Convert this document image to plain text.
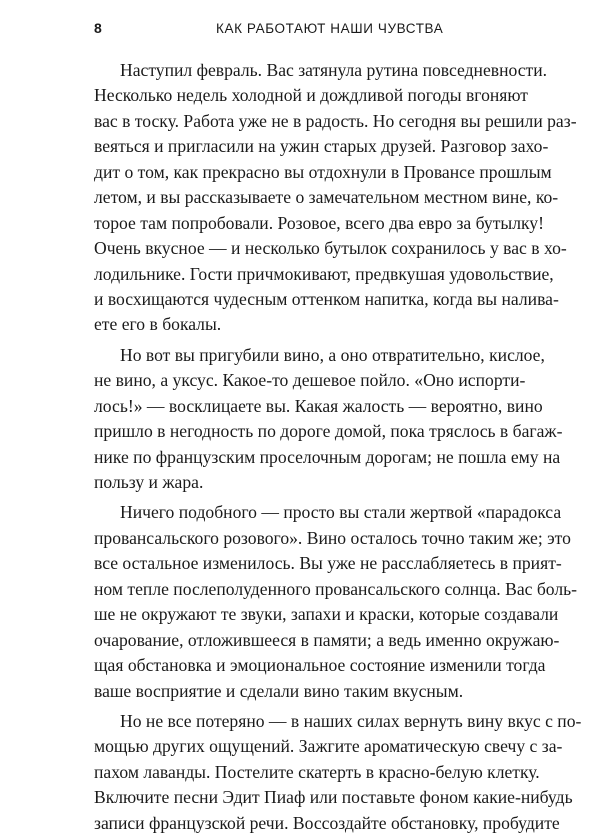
8	КАК РАБОТАЮТ НАШИ ЧУВСТВА
Наступил февраль. Вас затянула рутина повседневности.
Несколько недель холодной и дождливой погоды вгоняют
вас в тоску. Работа уже не в радость. Но сегодня вы решили раз-
веяться и пригласили на ужин старых друзей. Разговор захо-
дит о том, как прекрасно вы отдохнули в Провансе прошлым
летом, и вы рассказываете о замечательном местном вине, ко-
торое там попробовали. Розовое, всего два евро за бутылку!
Очень вкусное — и несколько бутылок сохранилось у вас в хо-
лодильнике. Гости причмокивают, предвкушая удовольствие,
и восхищаются чудесным оттенком напитка, когда вы налива-
ете его в бокалы.
Но вот вы пригубили вино, а оно отвратительно, кислое,
не вино, а уксус. Какое-то дешевое пойло. «Оно испорти-
лось!» — восклицаете вы. Какая жалость — вероятно, вино
пришло в негодность по дороге домой, пока тряслось в багаж-
нике по французским проселочным дорогам; не пошла ему на
пользу и жара.
Ничего подобного — просто вы стали жертвой «парадокса
провансальского розового». Вино осталось точно таким же; это
все остальное изменилось. Вы уже не расслабляетесь в прият-
ном тепле послеполуденного провансальского солнца. Вас боль-
ше не окружают те звуки, запахи и краски, которые создавали
очарование, отложившееся в памяти; а ведь именно окружаю-
щая обстановка и эмоциональное состояние изменили тогда
ваше восприятие и сделали вино таким вкусным.
Но не все потеряно — в наших силах вернуть вину вкус с по-
мощью других ощущений. Зажгите ароматическую свечу с за-
пахом лаванды. Постелите скатерть в красно-белую клетку.
Включите песни Эдит Пиаф или поставьте фоном какие-нибудь
записи французской речи. Воссоздайте обстановку, пробудите
